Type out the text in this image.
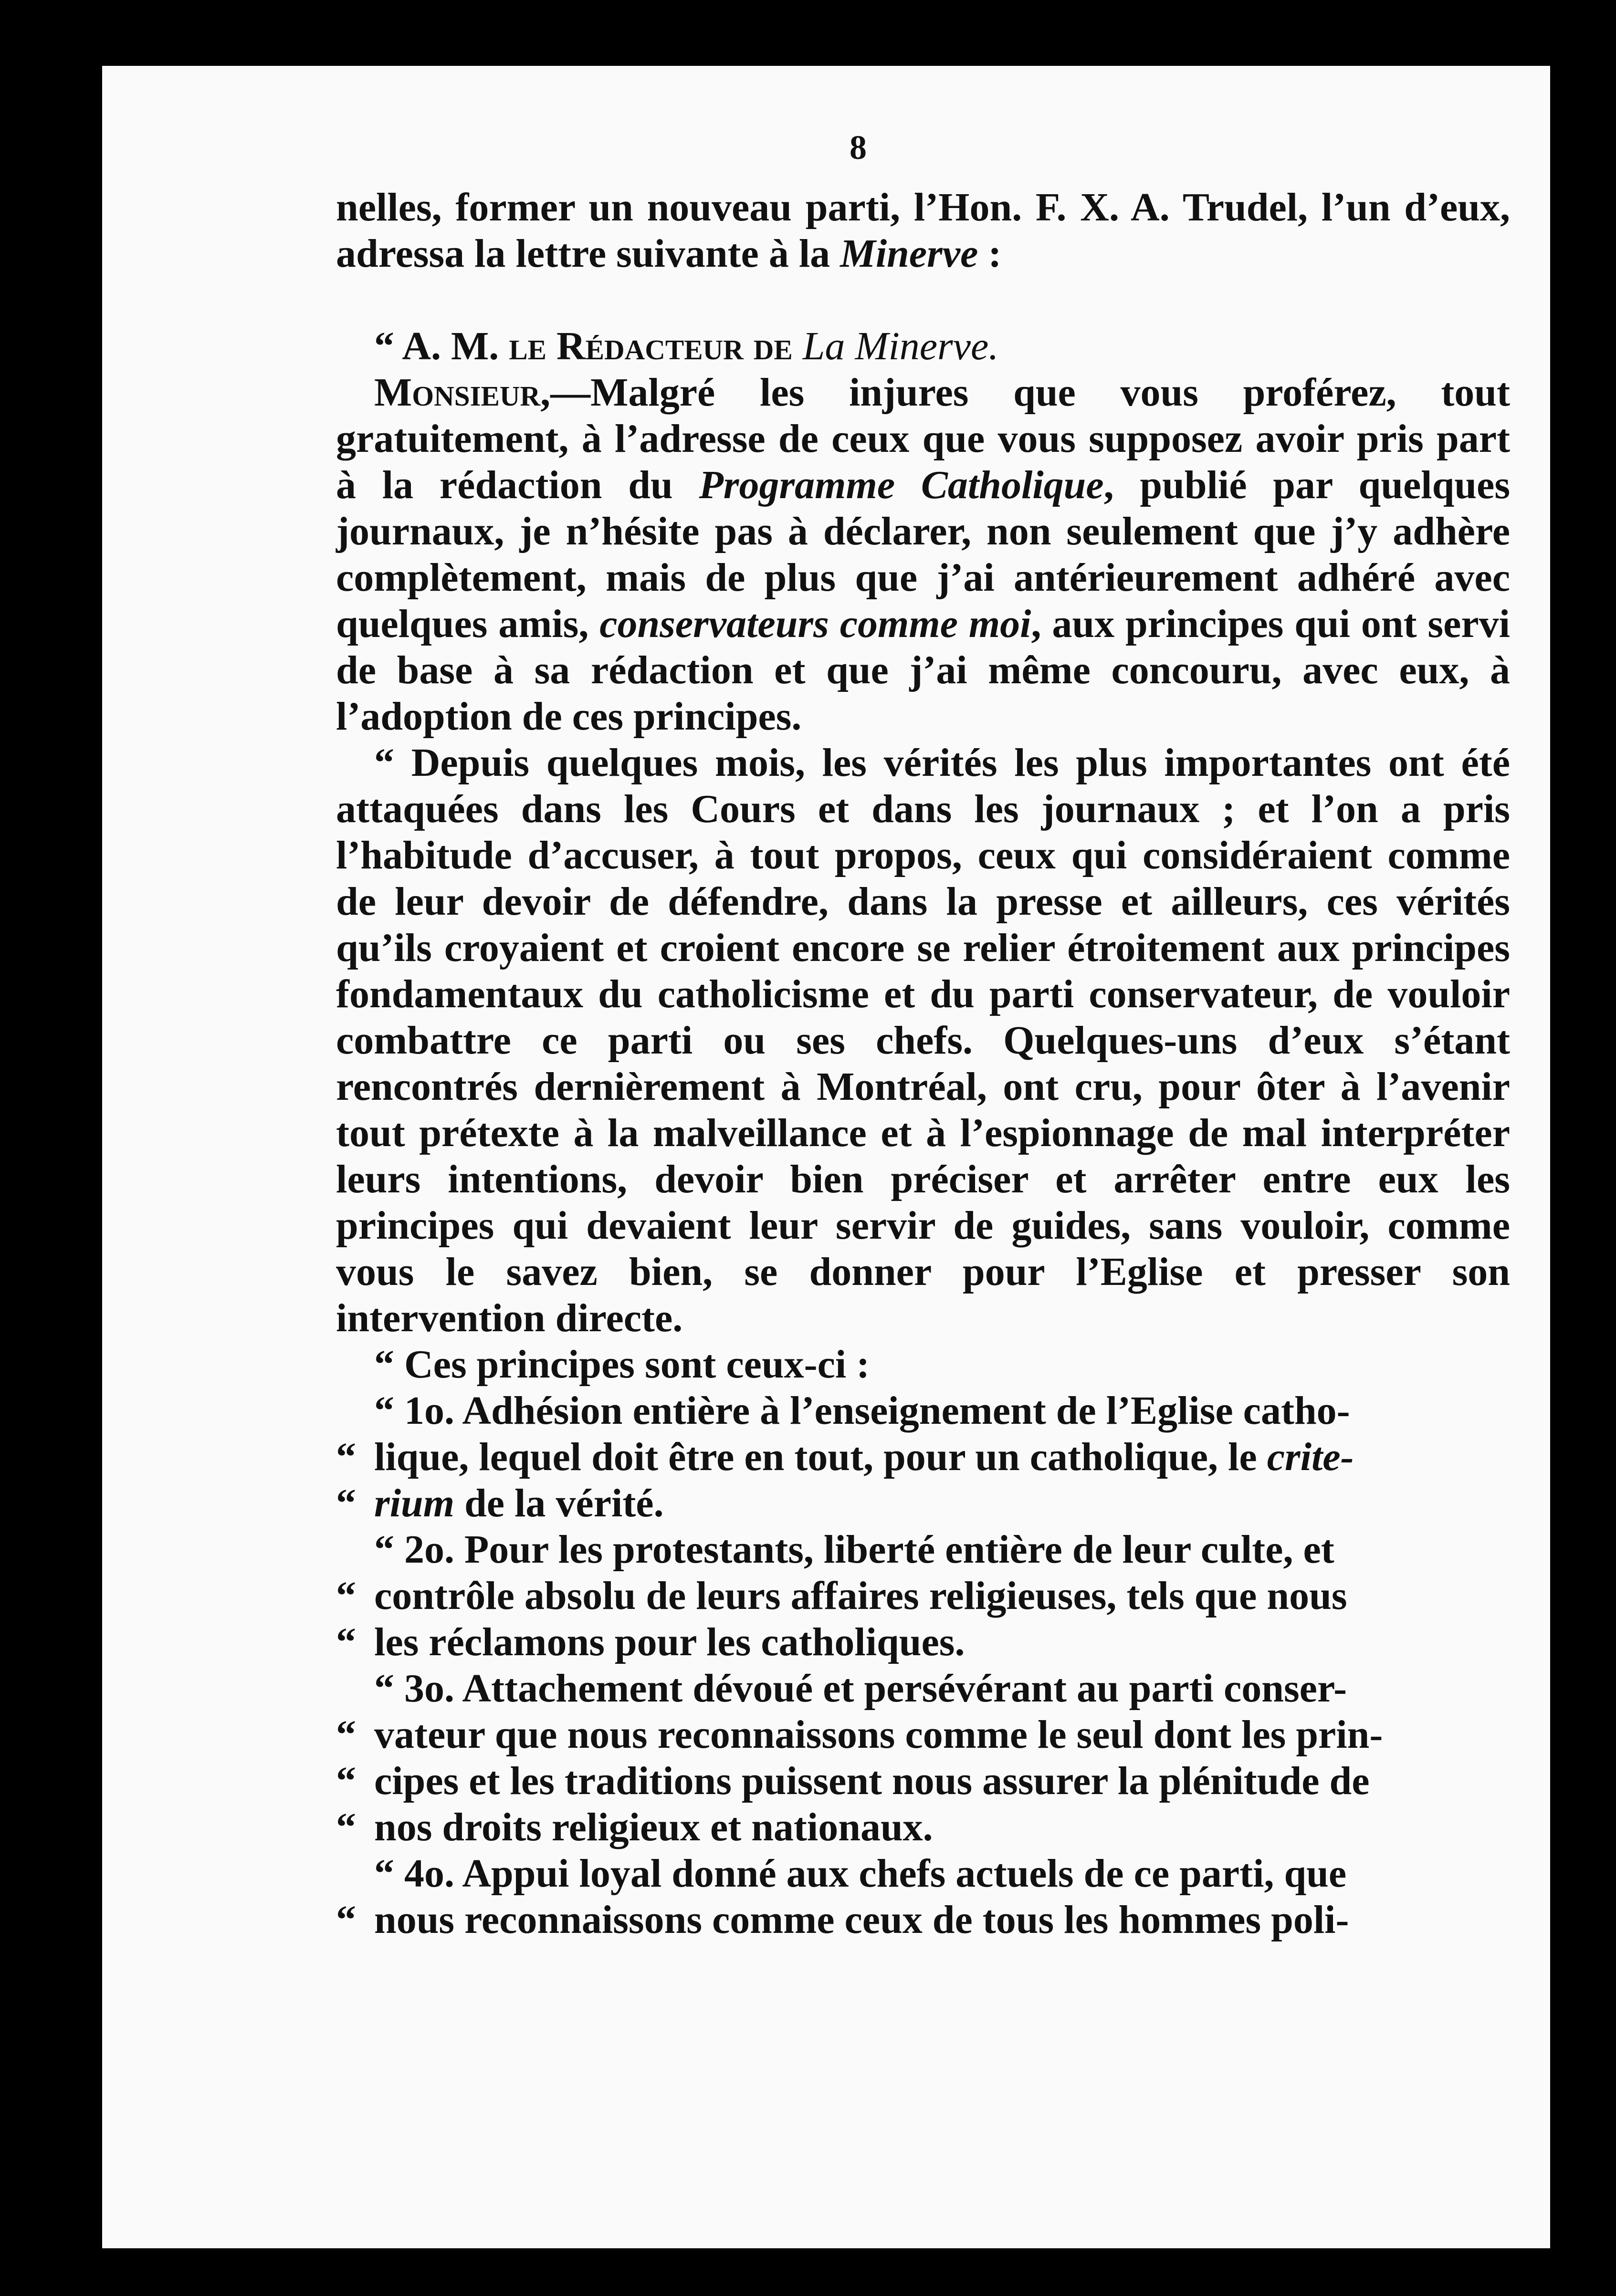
8

nelles, former un nouveau parti, l’Hon. F. X. A. Trudel, l’un d’eux, adressa la lettre suivante à la Minerve :

“ A. M. le Rédacteur de La Minerve.

Monsieur,—Malgré les injures que vous proférez, tout gratuitement, à l’adresse de ceux que vous supposez avoir pris part à la rédaction du Programme Catholique, publié par quelques journaux, je n’hésite pas à déclarer, non seulement que j’y adhère complètement, mais de plus que j’ai antérieurement adhéré avec quelques amis, conservateurs comme moi, aux principes qui ont servi de base à sa rédaction et que j’ai même concouru, avec eux, à l’adoption de ces principes.

“ Depuis quelques mois, les vérités les plus importantes ont été attaquées dans les Cours et dans les journaux ; et l’on a pris l’habitude d’accuser, à tout propos, ceux qui considéraient comme de leur devoir de défendre, dans la presse et ailleurs, ces vérités qu’ils croyaient et croient encore se relier étroitement aux principes fondamentaux du catholicisme et du parti conservateur, de vouloir combattre ce parti ou ses chefs. Quelques-uns d’eux s’étant rencontrés dernièrement à Montréal, ont cru, pour ôter à l’avenir tout prétexte à la malveillance et à l’espionnage de mal interpréter leurs intentions, devoir bien préciser et arrêter entre eux les principes qui devaient leur servir de guides, sans vouloir, comme vous le savez bien, se donner pour l’Eglise et presser son intervention directe.

“ Ces principes sont ceux-ci :

“ 1o. Adhésion entière à l’enseignement de l’Eglise catho-

“ lique, lequel doit être en tout, pour un catholique, le crite-

“ rium de la vérité.

“ 2o. Pour les protestants, liberté entière de leur culte, et

“ contrôle absolu de leurs affaires religieuses, tels que nous

“ les réclamons pour les catholiques.

“ 3o. Attachement dévoué et persévérant au parti conser-

“ vateur que nous reconnaissons comme le seul dont les prin-

“ cipes et les traditions puissent nous assurer la plénitude de

“ nos droits religieux et nationaux.

“ 4o. Appui loyal donné aux chefs actuels de ce parti, que

“ nous reconnaissons comme ceux de tous les hommes poli-
